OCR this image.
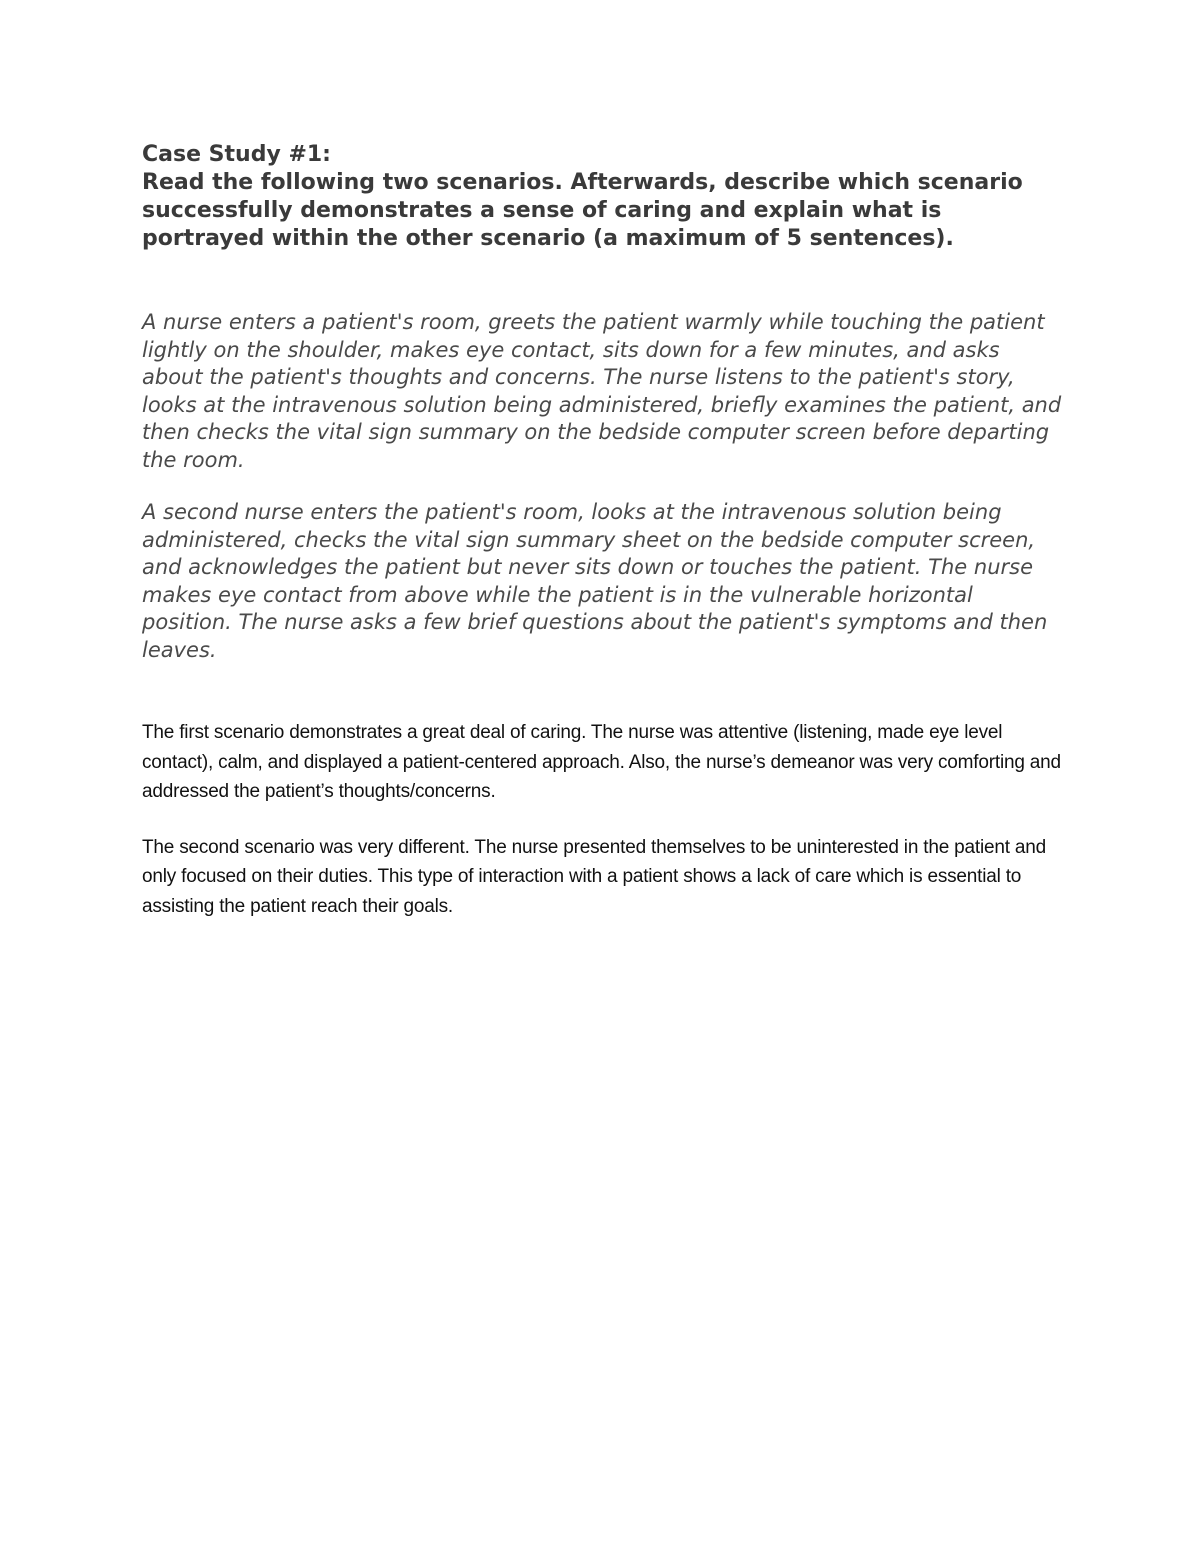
Case Study #1:

Read the following two scenarios. Afterwards, describe which scenario successfully demonstrates a sense of caring and explain what is portrayed within the other scenario (a maximum of 5 sentences).

A nurse enters a patient's room, greets the patient warmly while touching the patient lightly on the shoulder, makes eye contact, sits down for a few minutes, and asks about the patient's thoughts and concerns. The nurse listens to the patient's story, looks at the intravenous solution being administered, briefly examines the patient, and then checks the vital sign summary on the bedside computer screen before departing the room.

A second nurse enters the patient's room, looks at the intravenous solution being administered, checks the vital sign summary sheet on the bedside computer screen, and acknowledges the patient but never sits down or touches the patient. The nurse makes eye contact from above while the patient is in the vulnerable horizontal position. The nurse asks a few brief questions about the patient's symptoms and then leaves.

The first scenario demonstrates a great deal of caring. The nurse was attentive (listening, made eye level contact), calm, and displayed a patient-centered approach. Also, the nurse’s demeanor was very comforting and addressed the patient’s thoughts/concerns.

The second scenario was very different. The nurse presented themselves to be uninterested in the patient and only focused on their duties. This type of interaction with a patient shows a lack of care which is essential to assisting the patient reach their goals.
